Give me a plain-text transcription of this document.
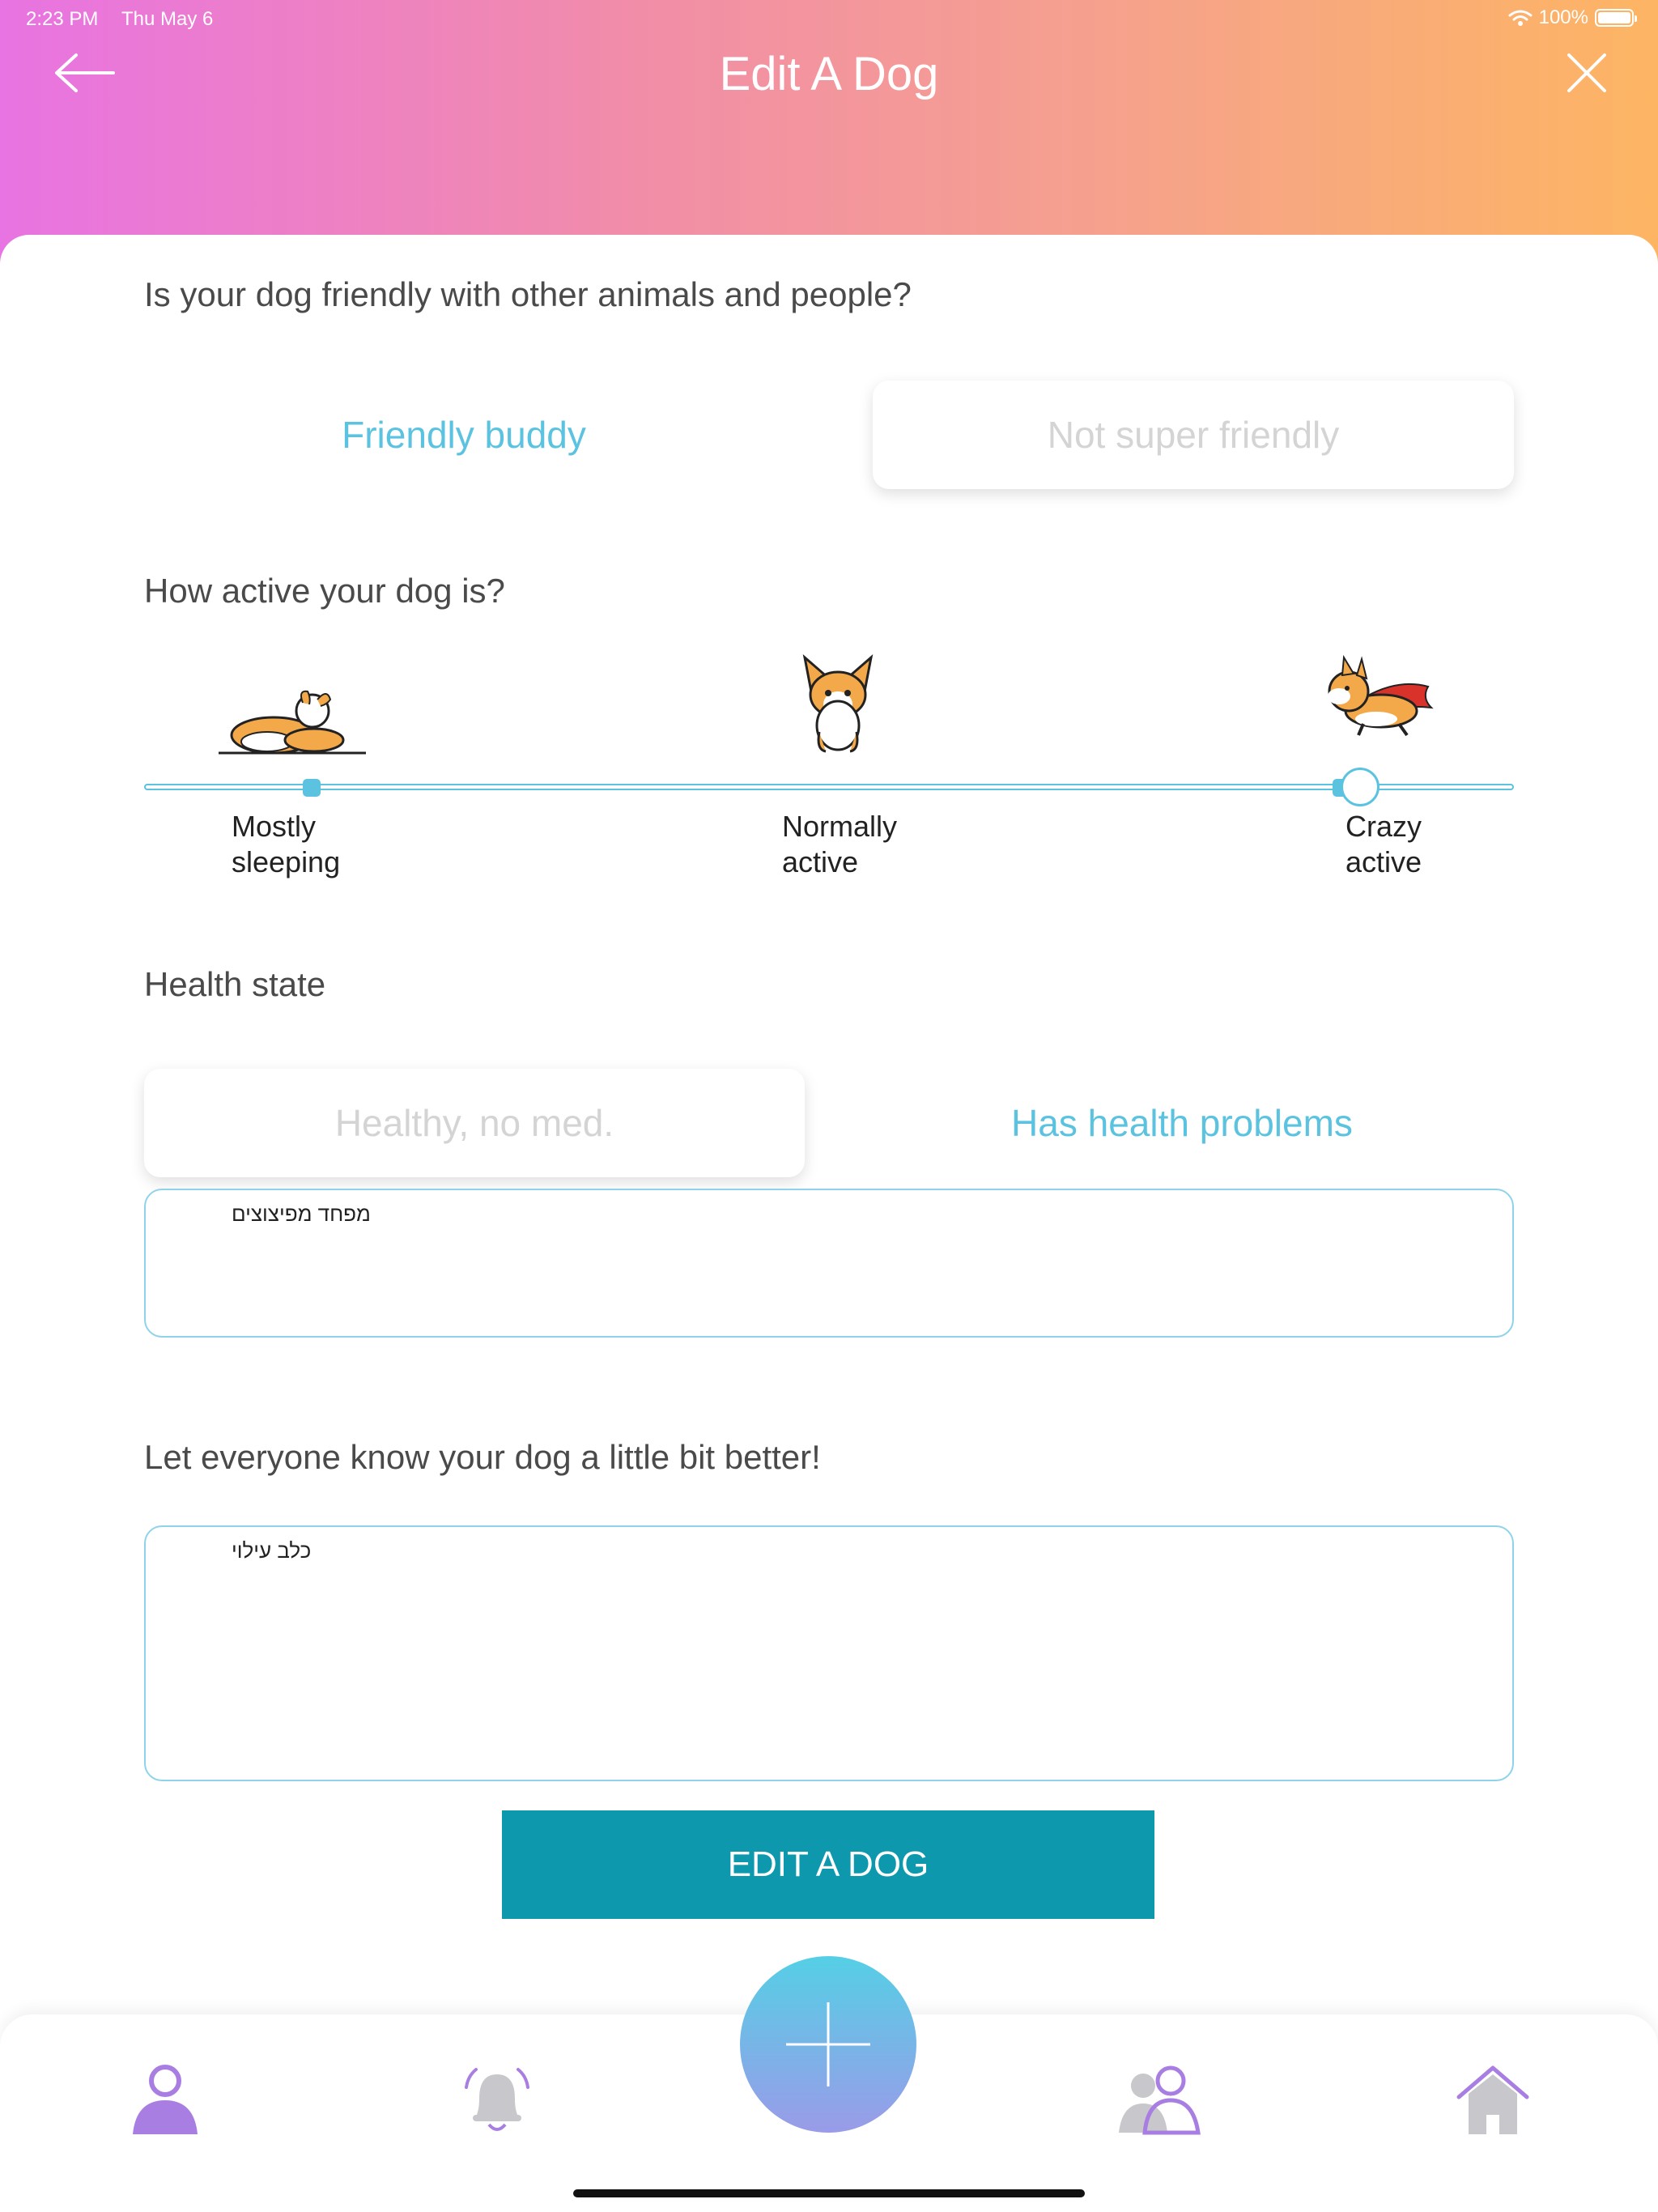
2:23 PM Thu May 6	100%
Edit A Dog
Is your dog friendly with other animals and people?
Friendly buddy	Not super friendly
How active your dog is?
Mostly
sleeping
Normally
active
Crazy
active
Health state
Healthy, no med.	Has health problems
מפחד מפיצוצים
Let everyone know your dog a little bit better!
כלב עילוי
EDIT A DOG
